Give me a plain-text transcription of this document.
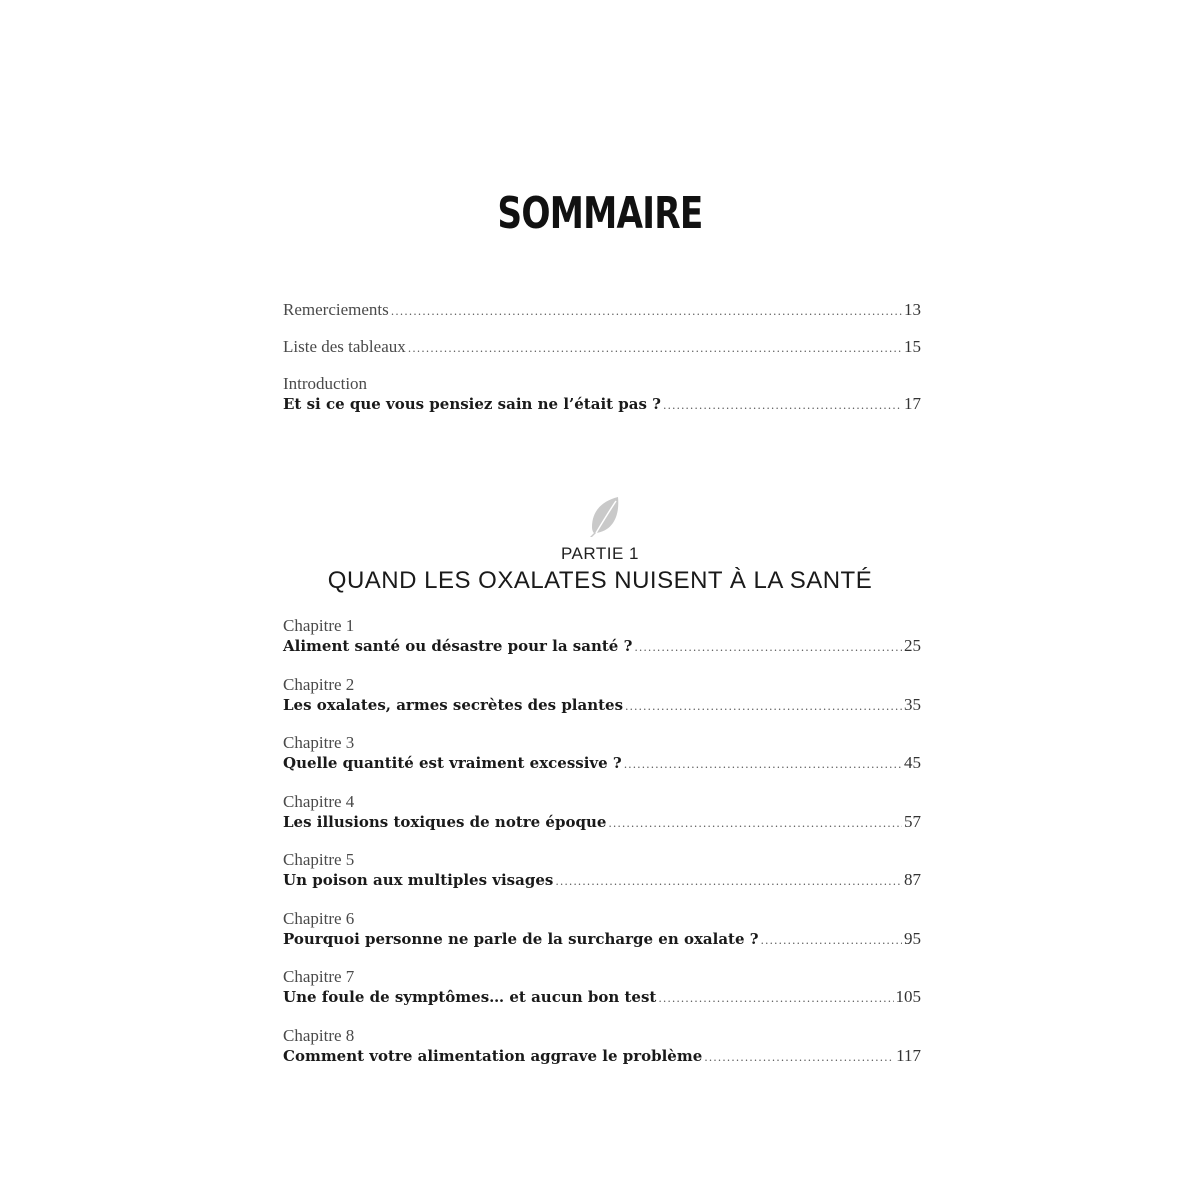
SOMMAIRE
Remerciements .....	13
Liste des tableaux .....	15
Introduction
Et si ce que vous pensiez sain ne l’était pas ? .....	17
PARTIE 1
QUAND LES OXALATES NUISENT À LA SANTÉ
Chapitre 1
Aliment santé ou désastre pour la santé ? .....	25
Chapitre 2
Les oxalates, armes secrètes des plantes .....	35
Chapitre 3
Quelle quantité est vraiment excessive ? .....	45
Chapitre 4
Les illusions toxiques de notre époque .....	57
Chapitre 5
Un poison aux multiples visages .....	87
Chapitre 6
Pourquoi personne ne parle de la surcharge en oxalate ? .....	95
Chapitre 7
Une foule de symptômes… et aucun bon test .....	105
Chapitre 8
Comment votre alimentation aggrave le problème .....	117
